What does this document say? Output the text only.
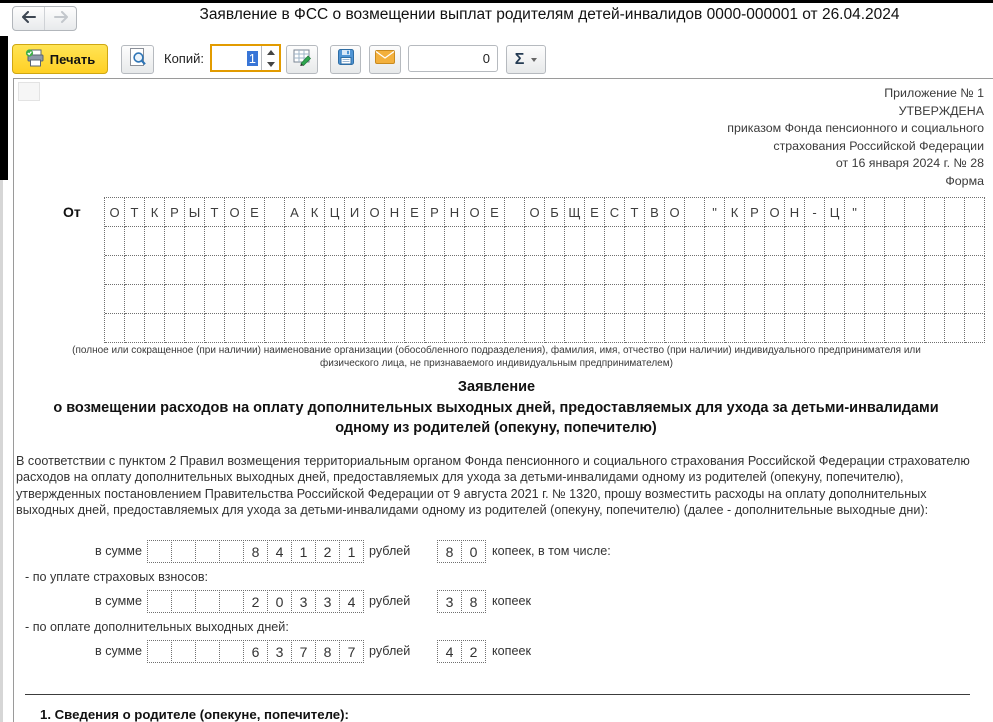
Заявление в ФСС о возмещении выплат родителям детей-инвалидов 0000-000001 от 26.04.2024
Печать	Копий:	1	0 Σ
Приложение № 1
УТВЕРЖДЕНА
приказом Фонда пенсионного и социального
страхования Российской Федерации
от 16 января 2024 г. № 28
Форма
От	О Т К Р Ы Т О Е	А К Ц И О Н Е Р Н О Е	О Б Щ Е С Т В О	"	К Р О Н	-	Ц "
(полное или сокращенное (при наличии) наименование организации (обособленного подразделения), фамилия, имя, отчество (при наличии) индивидуального предпринимателя или физического лица, не признаваемого индивидуальным предпринимателем)
Заявление
о возмещении расходов на оплату дополнительных выходных дней, предоставляемых для ухода за детьми-инвалидами одному из родителей (опекуну, попечителю)
В соответствии с пунктом 2 Правил возмещения территориальным органом Фонда пенсионного и социального страхования Российской Федерации страхователю расходов на оплату дополнительных выходных дней, предоставляемых для ухода за детьми-инвалидами одному из родителей (опекуну, попечителю), утвержденных постановлением Правительства Российской Федерации от 9 августа 2021 г. № 1320, прошу возместить расходы на оплату дополнительных выходных дней, предоставляемых для ухода за детьми-инвалидами одному из родителей (опекуну, попечителю) (далее - дополнительные выходные дни):
в сумме	8	4	1	2	1	рублей	8	0	копеек, в том числе:
- по уплате страховых взносов:
в сумме	2	0	3	3	4	рублей	3	8	копеек
- по оплате дополнительных выходных дней:
в сумме	6	3	7	8	7	рублей	4	2	копеек
1. Сведения о родителе (опекуне, попечителе):
